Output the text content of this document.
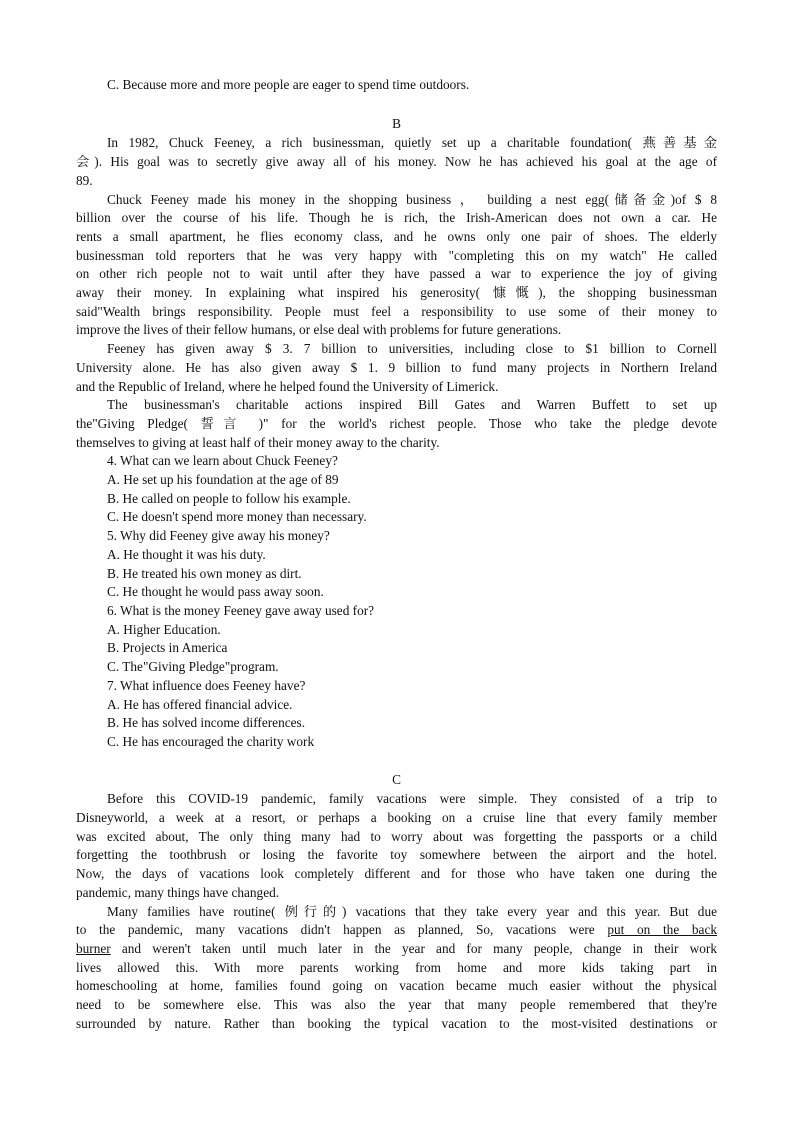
C. Because more and more people are eager to spend time outdoors.

B

In 1982, Chuck Feeney, a rich businessman, quietly set up a charitable foundation( 燕善基金

会). His goal was to secretly give away all of his money. Now he has achieved his goal at the age of

89.

Chuck Feeney made his money in the shopping business ， building a nest egg(储备金)of $ 8

billion over the course of his life. Though he is rich, the Irish-American does not own a car. He

rents a small apartment, he flies economy class, and he owns only one pair of shoes. The elderly

businessman told reporters that he was very happy with "completing this on my watch" He called

on other rich people not to wait until after they have passed a war to experience the joy of giving

away their money. In explaining what inspired his generosity( 慷慨), the shopping businessman

said"Wealth brings responsibility. People must feel a responsibility to use some of their money to

improve the lives of their fellow humans, or else deal with problems for future generations.

Feeney has given away $ 3. 7 billion to universities, including close to $1 billion to Cornell

University alone. He has also given away $ 1. 9 billion to fund many projects in Northern Ireland

and the Republic of Ireland, where he helped found the University of Limerick.

The businessman's charitable actions inspired Bill Gates and Warren Buffett to set up

the"Giving Pledge( 誓言 )" for the world's richest people. Those who take the pledge devote

themselves to giving at least half of their money away to the charity.

4. What can we learn about Chuck Feeney?

A. He set up his foundation at the age of 89

B. He called on people to follow his example.

C. He doesn't spend more money than necessary.

5. Why did Feeney give away his money?

A. He thought it was his duty.

B. He treated his own money as dirt.

C. He thought he would pass away soon.

6. What is the money Feeney gave away used for?

A. Higher Education.

B. Projects in America

C. The"Giving Pledge"program.

7. What influence does Feeney have?

A. He has offered financial advice.

B. He has solved income differences.

C. He has encouraged the charity work

C

Before this COVID-19 pandemic, family vacations were simple. They consisted of a trip to

Disneyworld, a week at a resort, or perhaps a booking on a cruise line that every family member

was excited about, The only thing many had to worry about was forgetting the passports or a child

forgetting the toothbrush or losing the favorite toy somewhere between the airport and the hotel.

Now, the days of vacations look completely different and for those who have taken one during the

pandemic, many things have changed.

Many families have routine( 例行的) vacations that they take every year and this year. But due

to the pandemic, many vacations didn't happen as planned, So, vacations were put on the back

burner and weren't taken until much later in the year and for many people, change in their work

lives allowed this. With more parents working from home and more kids taking part in

homeschooling at home, families found going on vacation became much easier without the physical

need to be somewhere else. This was also the year that many people remembered that they're

surrounded by nature. Rather than booking the typical vacation to the most-visited destinations or
